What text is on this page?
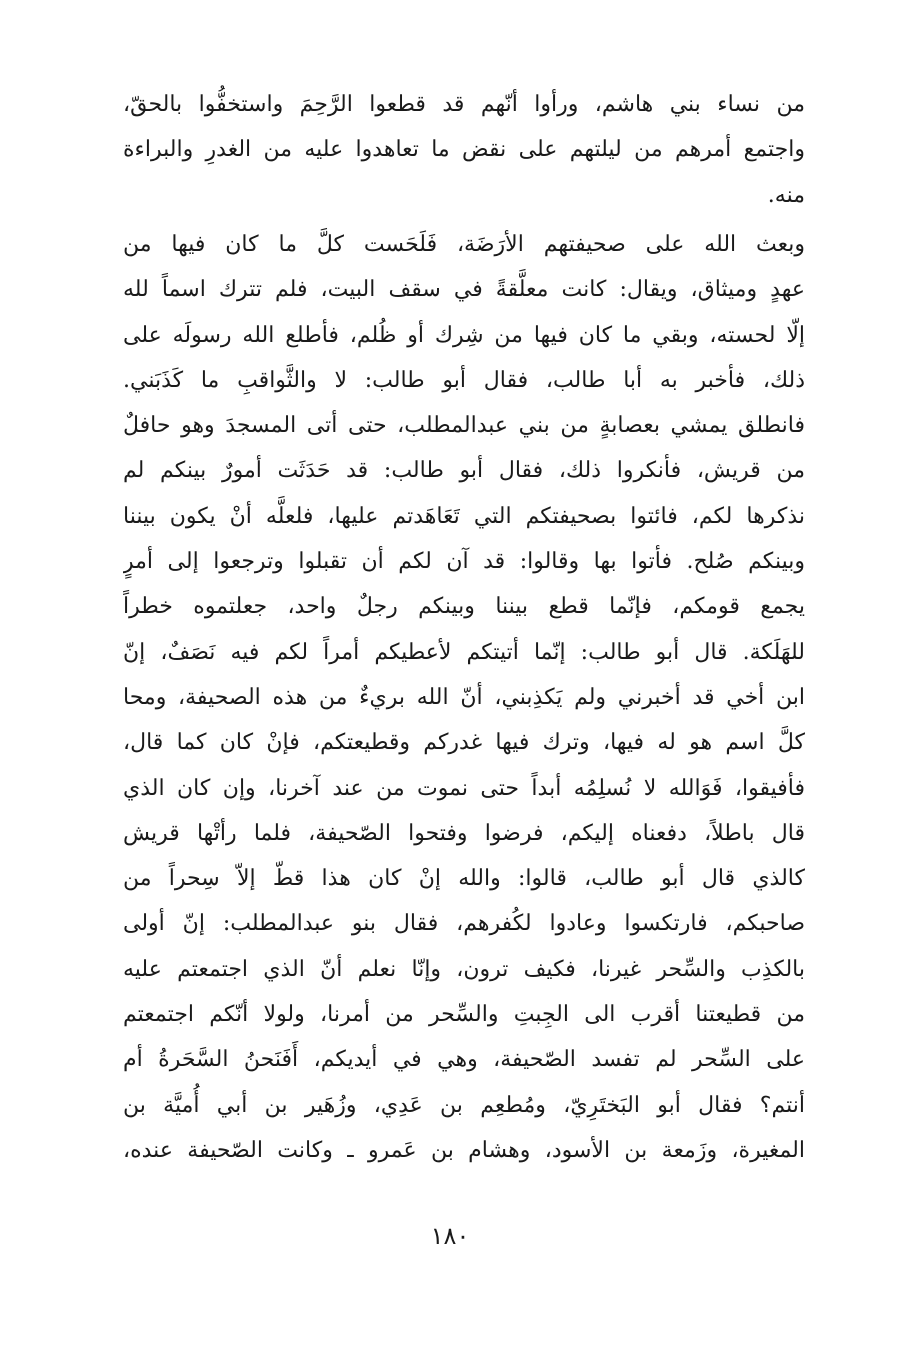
من نساء بني هاشم، ورأوا أنّهم قد قطعوا الرَّحِمَ واستخفُّوا بالحقّ،
واجتمع أمرهم من ليلتهم على نقض ما تعاهدوا عليه من الغدرِ والبراءة
منه.
وبعث الله على صحيفتهم الأرَضَة، فَلَحَست كلَّ ما كان فيها من
عهدٍ وميثاق، ويقال: كانت معلَّقةً في سقف البيت، فلم تترك اسماً لله
إلّا لحسته، وبقي ما كان فيها من شِرك أو ظُلم، فأطلع الله رسولَه على
ذلك، فأخبر به أبا طالب، فقال أبو طالب: لا والثَّواقبِ ما كَذَبَني.
فانطلق يمشي بعصابةٍ من بني عبدالمطلب، حتى أتى المسجدَ وهو حافلٌ
من قريش، فأنكروا ذلك، فقال أبو طالب: قد حَدَثَت أمورٌ بينكم لم
نذكرها لكم، فائتوا بصحيفتكم التي تَعَاهَدتم عليها، فلعلَّه أنْ يكون بيننا
وبينكم صُلح. فأتوا بها وقالوا: قد آن لكم أن تقبلوا وترجعوا إلى أمرٍ
يجمع قومكم، فإنّما قطع بيننا وبينكم رجلٌ واحد، جعلتموه خطراً
للهَلَكة. قال أبو طالب: إنّما أتيتكم لأعطيكم أمراً لكم فيه نَصَفٌ، إنّ
ابن أخي قد أخبرني ولم يَكذِبني، أنّ الله بريءٌ من هذه الصحيفة، ومحا
كلَّ اسم هو له فيها، وترك فيها غدركم وقطيعتكم، فإنْ كان كما قال،
فأفيقوا، فَوَالله لا نُسلِمُه أبداً حتى نموت من عند آخرنا، وإن كان الذي
قال باطلاً، دفعناه إليكم، فرضوا وفتحوا الصّحيفة، فلما رأتْها قريش
كالذي قال أبو طالب، قالوا: والله إنْ كان هذا قطّ إلاّ سِحراً من
صاحبكم، فارتكسوا وعادوا لكُفرهم، فقال بنو عبدالمطلب: إنّ أولى
بالكذِب والسِّحر غيرنا، فكيف ترون، وإنّا نعلم أنّ الذي اجتمعتم عليه
من قطيعتنا أقرب الى الجِبتِ والسِّحر من أمرنا، ولولا أنّكم اجتمعتم
على السِّحر لم تفسد الصّحيفة، وهي في أيديكم، أَفَنَحنُ السَّحَرةُ أم
أنتم؟ فقال أبو البَختَرِيّ، ومُطعِم بن عَدِي، وزُهَير بن أبي أُميَّة بن
المغيرة، وزَمعة بن الأسود، وهشام بن عَمرو ـ وكانت الصّحيفة عنده،
١٨٠
